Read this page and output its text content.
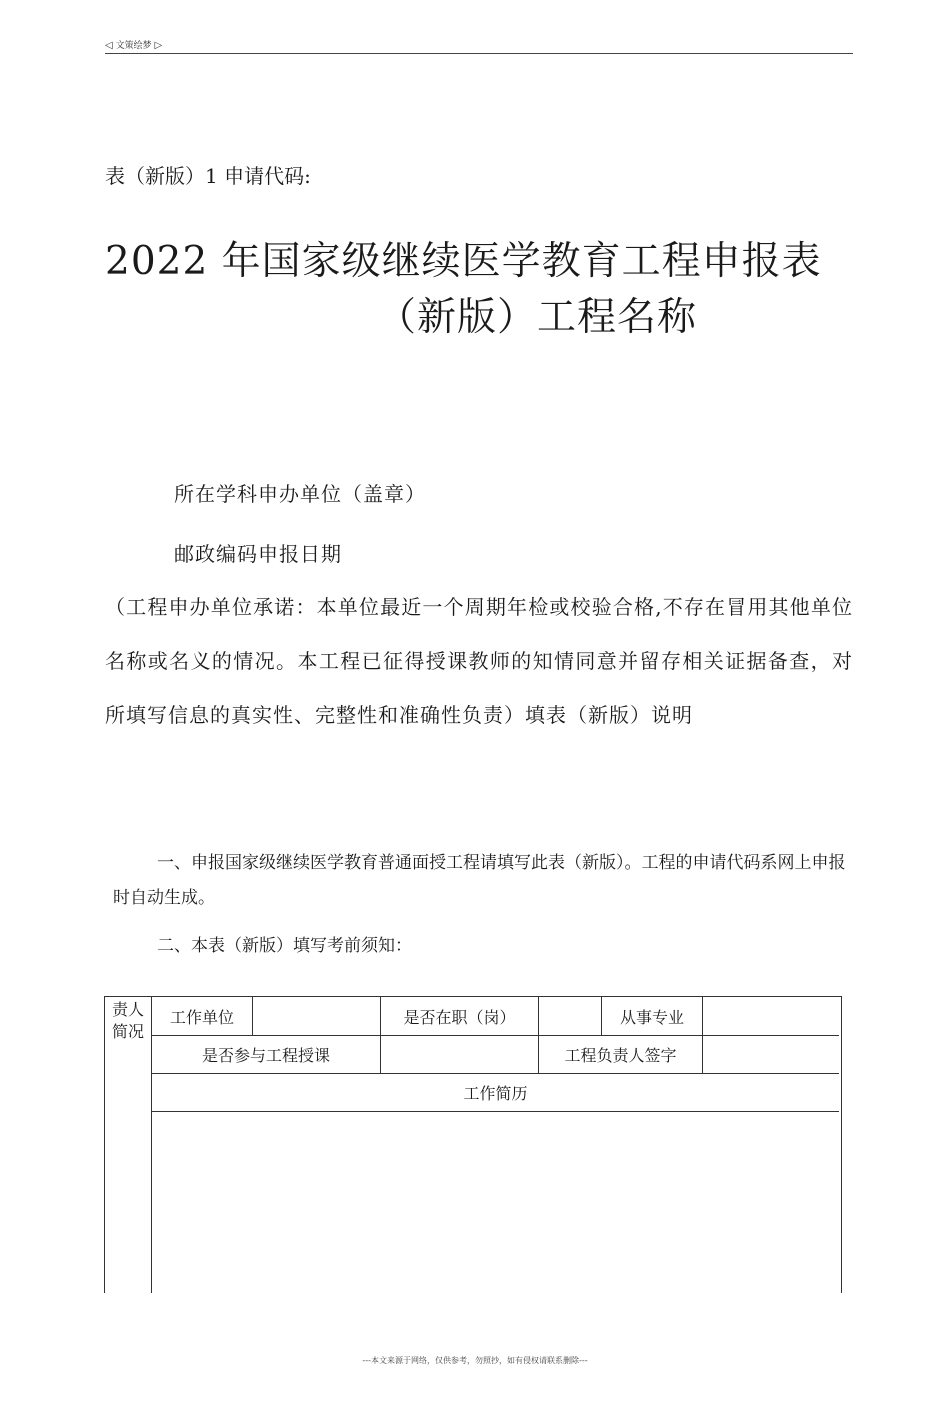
◁ 文策绘梦 ▷
表（新版）1 申请代码:
2022 年国家级继续医学教育工程申报表
（新版）工程名称
所在学科申办单位（盖章）
邮政编码申报日期
（工程申办单位承诺：本单位最近一个周期年检或校验合格,不存在冒用其他单位名称或名义的情况。本工程已征得授课教师的知情同意并留存相关证据备查，对所填写信息的真实性、完整性和准确性负责）填表（新版）说明
一、申报国家级继续医学教育普通面授工程请填写此表（新版）。工程的申请代码系网上申报时自动生成。
二、本表（新版）填写考前须知：
责人简况
工作单位	是否在职（岗）	从事专业
是否参与工程授课	工程负责人签字
工作简历
---本文来源于网络，仅供参考，勿照抄，如有侵权请联系删除---
